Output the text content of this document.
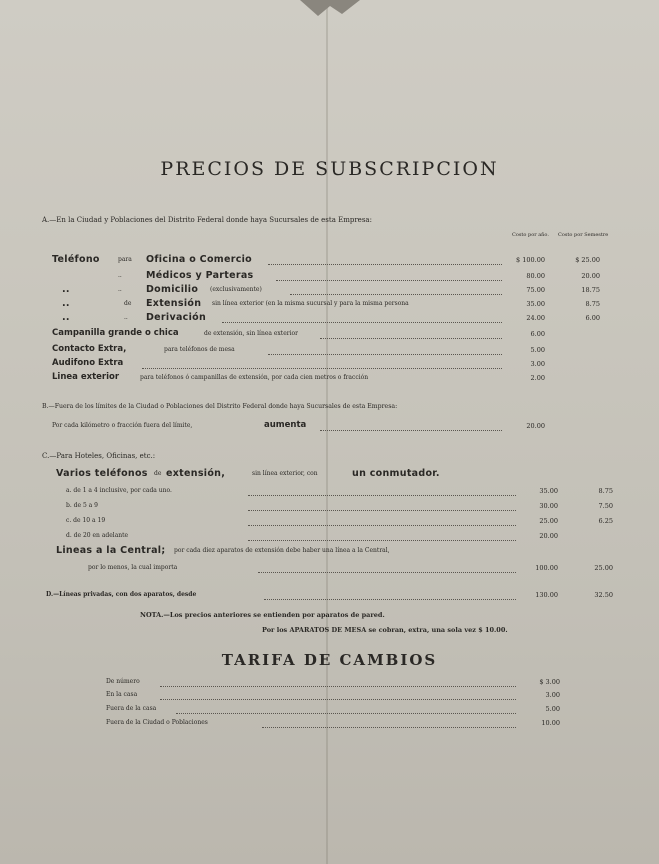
PRECIOS DE SUBSCRIPCION
A.—En la Ciudad y Poblaciones del Distrito Federal donde haya Sucursales de esta Empresa:
Costo por año. Costo por Semestre
Teléfono	para Oficina o Comercio	$ 100.00	$ 25.00
..	Médicos y Parteras	80.00	20.00
..	..	Domicilio (exclusivamente)	75.00	18.75
..	de Extensión sin línea exterior (en la misma sucursal y para la misma persona	35.00	8.75
..	.. Derivación	24.00	6.00
Campanilla grande o chica	de extensión, sin línea exterior	6.00
Contacto Extra,	para teléfonos de mesa	5.00
Audifono Extra	3.00
Linea exterior	para teléfonos ó campanillas de extensión, por cada cien metros o fracción	2.00
B.—Fuera de los límites de la Ciudad o Poblaciones del Distrito Federal donde haya Sucursales de esta Empresa:
Por cada kilómetro o fracción fuera del límite,	aumenta	20.00
C.—Para Hoteles, Oficinas, etc.:
Varios teléfonos de extensión,	sin línea exterior, con	un conmutador.
a. de 1 a 4 inclusive, por cada uno.	35.00	8.75
b. de 5 a 9	30.00	7.50
c. de 10 a 19	25.00	6.25
d. de 20 en adelante	20.00
Lineas a la Central; por cada diez aparatos de extensión debe haber una línea a la Central,
por lo menos, la cual importa	100.00	25.00
D.—Líneas privadas, con dos aparatos, desde	130.00	32.50
NOTA.—Los precios anteriores se entienden por aparatos de pared.
Por los APARATOS DE MESA se cobran, extra, una sola vez $ 10.00.
TARIFA DE CAMBIOS
De número	$ 3.00
En la casa	3.00
Fuera de la casa	5.00
Fuera de la Ciudad o Poblaciones	10.00
